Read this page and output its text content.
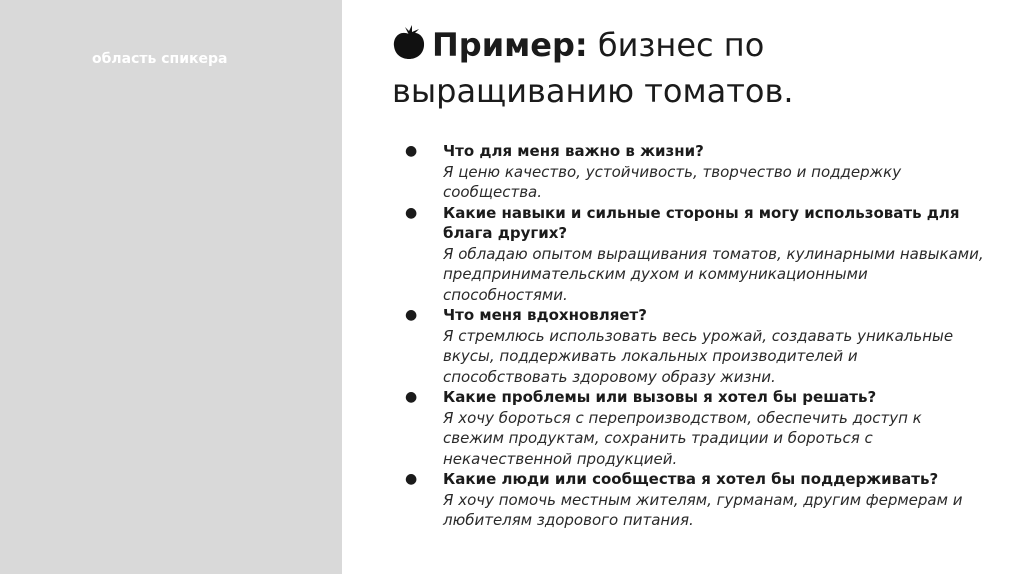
область спикера	Пример: бизнес по выращиванию томатов.
● Что для меня важно в жизни?
Я ценю качество, устойчивость, творчество и поддержку сообщества.
● Какие навыки и сильные стороны я могу использовать для блага других?
Я обладаю опытом выращивания томатов, кулинарными навыками, предпринимательским духом и коммуникационными способностями.
● Что меня вдохновляет?
Я стремлюсь использовать весь урожай, создавать уникальные вкусы, поддерживать локальных производителей и способствовать здоровому образу жизни.
● Какие проблемы или вызовы я хотел бы решать?
Я хочу бороться с перепроизводством, обеспечить доступ к свежим продуктам, сохранить традиции и бороться с некачественной продукцией.
● Какие люди или сообщества я хотел бы поддерживать?
Я хочу помочь местным жителям, гурманам, другим фермерам и любителям здорового питания.
